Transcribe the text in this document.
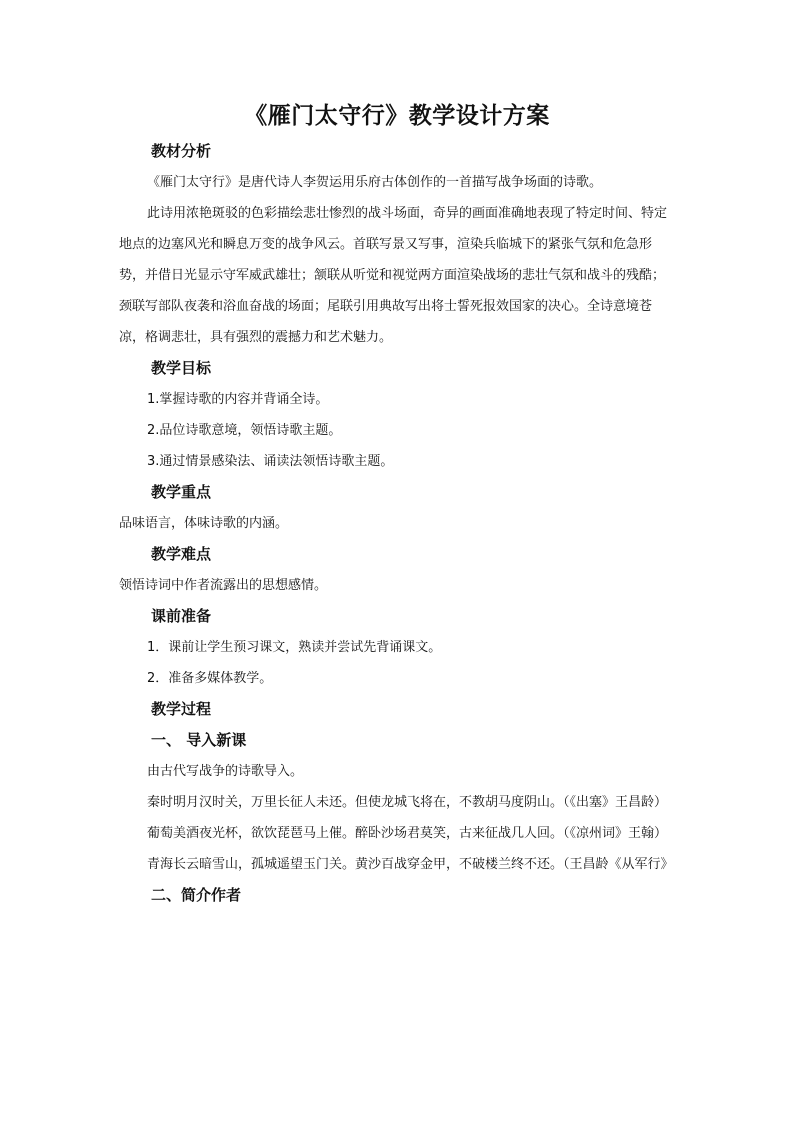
《雁门太守行》教学设计方案
教材分析
《雁门太守行》是唐代诗人李贺运用乐府古体创作的一首描写战争场面的诗歌。
此诗用浓艳斑驳的色彩描绘悲壮惨烈的战斗场面，奇异的画面准确地表现了特定时间、特定地点的边塞风光和瞬息万变的战争风云。首联写景又写事，渲染兵临城下的紧张气氛和危急形势，并借日光显示守军威武雄壮；颔联从听觉和视觉两方面渲染战场的悲壮气氛和战斗的残酷；颈联写部队夜袭和浴血奋战的场面；尾联引用典故写出将士誓死报效国家的决心。全诗意境苍凉，格调悲壮，具有强烈的震撼力和艺术魅力。
教学目标
1.掌握诗歌的内容并背诵全诗。
2.品位诗歌意境，领悟诗歌主题。
3.通过情景感染法、诵读法领悟诗歌主题。
教学重点
品味语言，体味诗歌的内涵。
教学难点
领悟诗词中作者流露出的思想感情。
课前准备
1．课前让学生预习课文，熟读并尝试先背诵课文。
2．准备多媒体教学。
教学过程
一、 导入新课
由古代写战争的诗歌导入。
秦时明月汉时关，万里长征人未还。但使龙城飞将在，不教胡马度阴山。（《出塞》王昌龄）
葡萄美酒夜光杯，欲饮琵琶马上催。醉卧沙场君莫笑，古来征战几人回。（《凉州词》王翰）
青海长云暗雪山，孤城遥望玉门关。黄沙百战穿金甲，不破楼兰终不还。（王昌龄《从军行》
二、简介作者
